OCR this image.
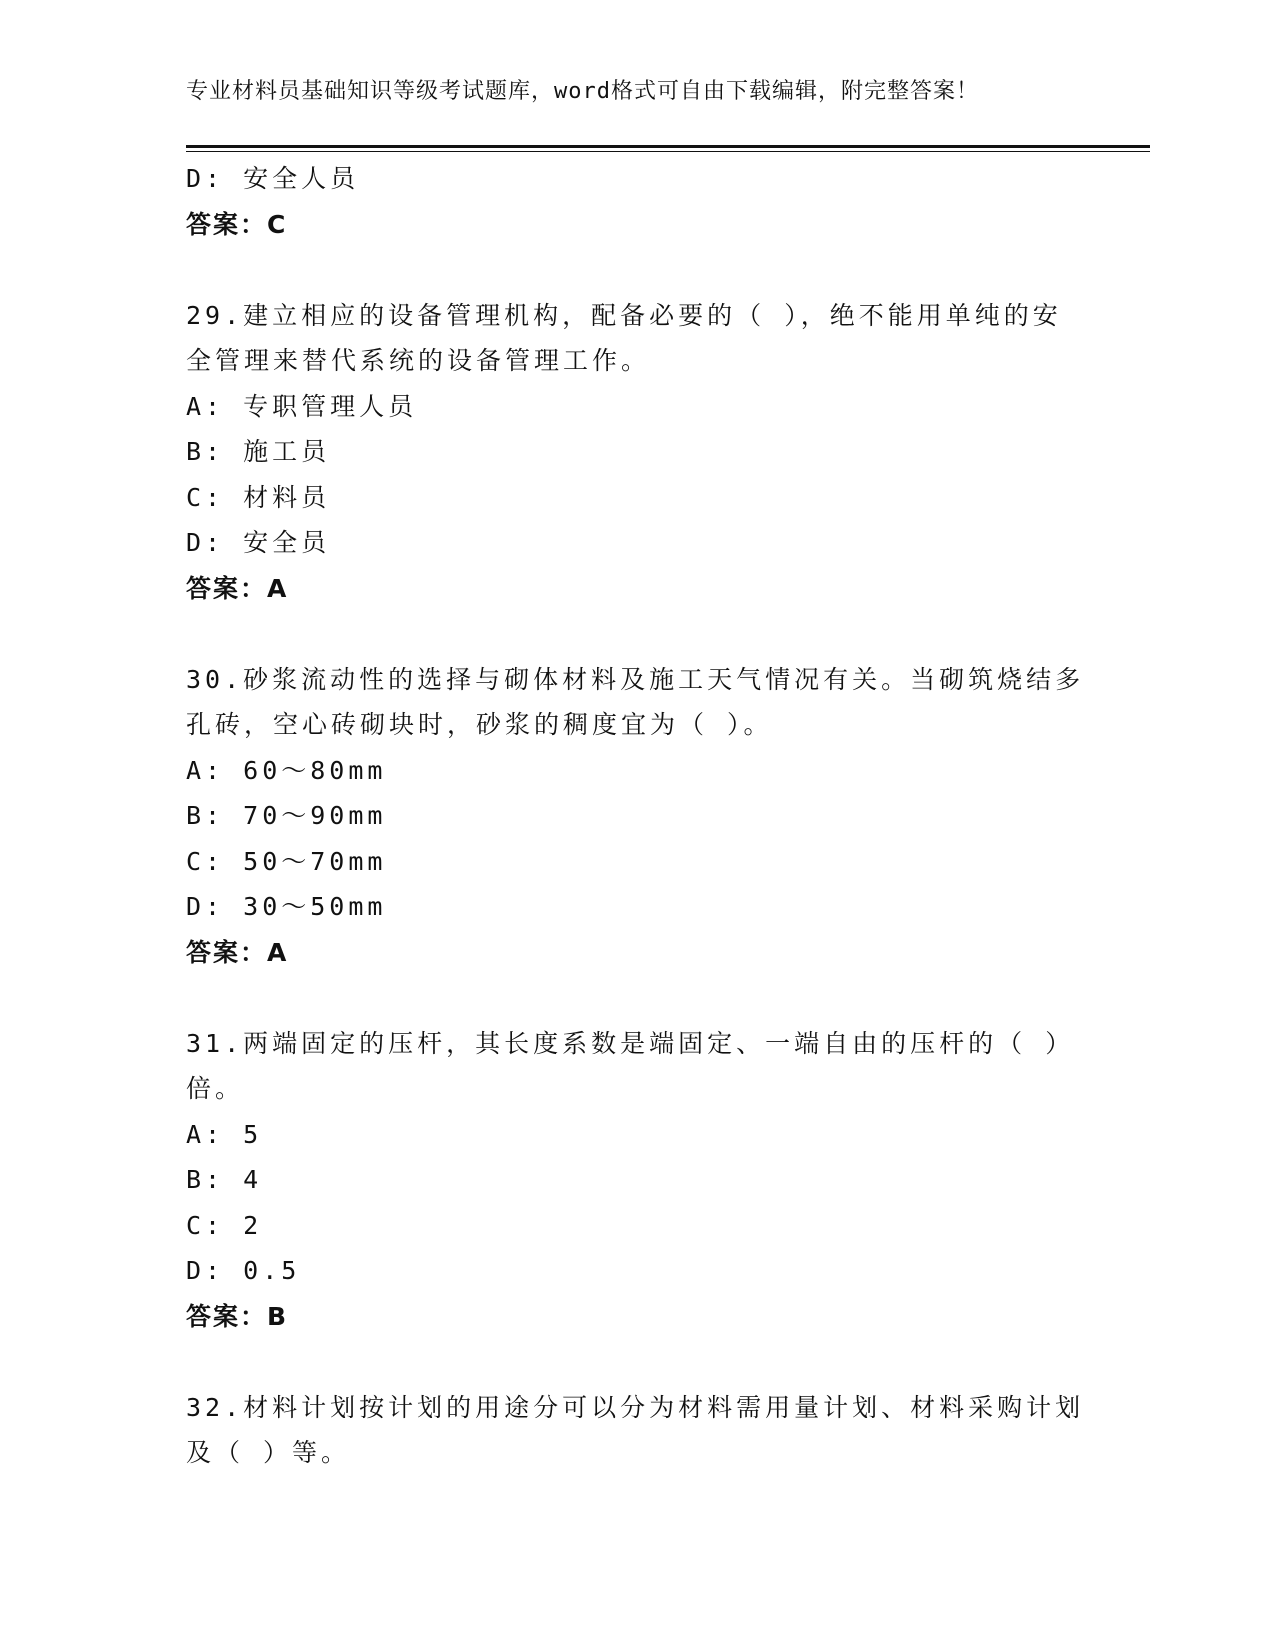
专业材料员基础知识等级考试题库，word格式可自由下载编辑，附完整答案！
D: 安全人员
答案：C
29.建立相应的设备管理机构，配备必要的（ ），绝不能用单纯的安
全管理来替代系统的设备管理工作。
A: 专职管理人员
B: 施工员
C: 材料员
D: 安全员
答案：A
30.砂浆流动性的选择与砌体材料及施工天气情况有关。当砌筑烧结多
孔砖，空心砖砌块时，砂浆的稠度宜为（ ）。
A: 60～80mm
B: 70～90mm
C: 50～70mm
D: 30～50mm
答案：A
31.两端固定的压杆，其长度系数是端固定、一端自由的压杆的（ ）
倍。
A: 5
B: 4
C: 2
D: 0.5
答案：B
32.材料计划按计划的用途分可以分为材料需用量计划、材料采购计划
及（ ）等。
